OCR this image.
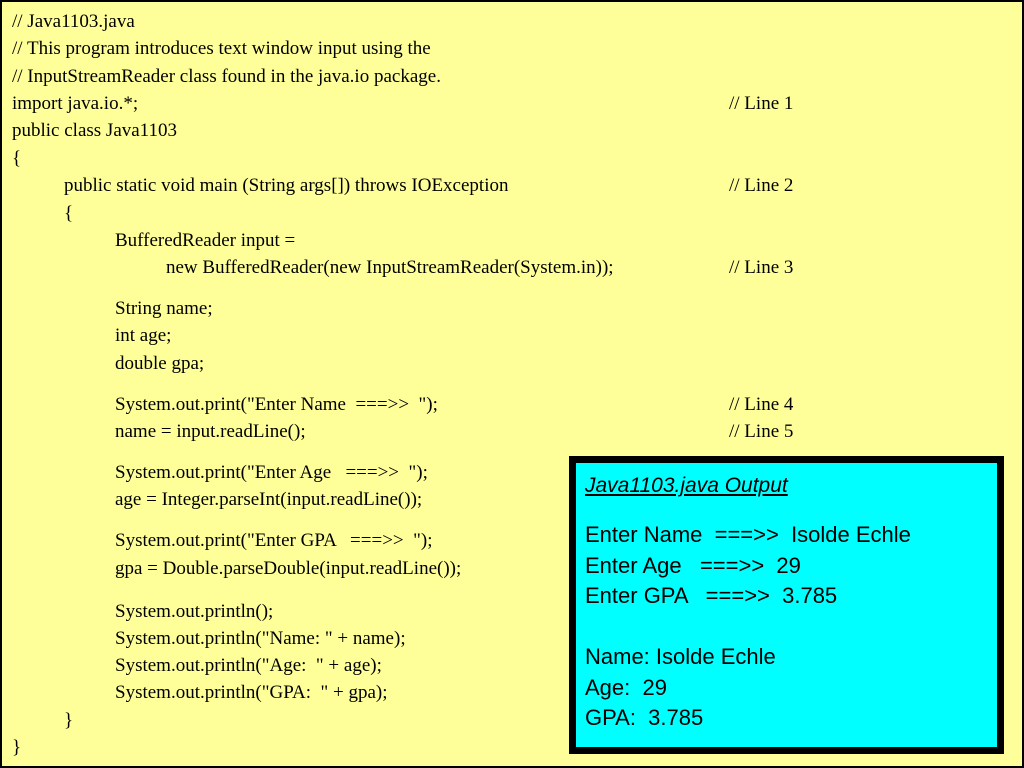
// Java1103.java
// This program introduces text window input using the
// InputStreamReader class found in the java.io package.
import java.io.*;	// Line 1
public class Java1103
{
public static void main (String args[]) throws IOException	// Line 2
{
BufferedReader input =
new BufferedReader(new InputStreamReader(System.in));	// Line 3
String name;
int age;
double gpa;
System.out.print("Enter Name  ===>>  ");	// Line 4
name = input.readLine();	// Line 5
System.out.print("Enter Age   ===>>  ");
age = Integer.parseInt(input.readLine());
System.out.print("Enter GPA   ===>>  ");
gpa = Double.parseDouble(input.readLine());
System.out.println();
System.out.println("Name: " + name);
System.out.println("Age:  " + age);
System.out.println("GPA:  " + gpa);
}
}
Java1103.java Output
Enter Name  ===>>  Isolde Echle
Enter Age   ===>>  29
Enter GPA   ===>>  3.785
Name: Isolde Echle
Age:  29
GPA:  3.785
